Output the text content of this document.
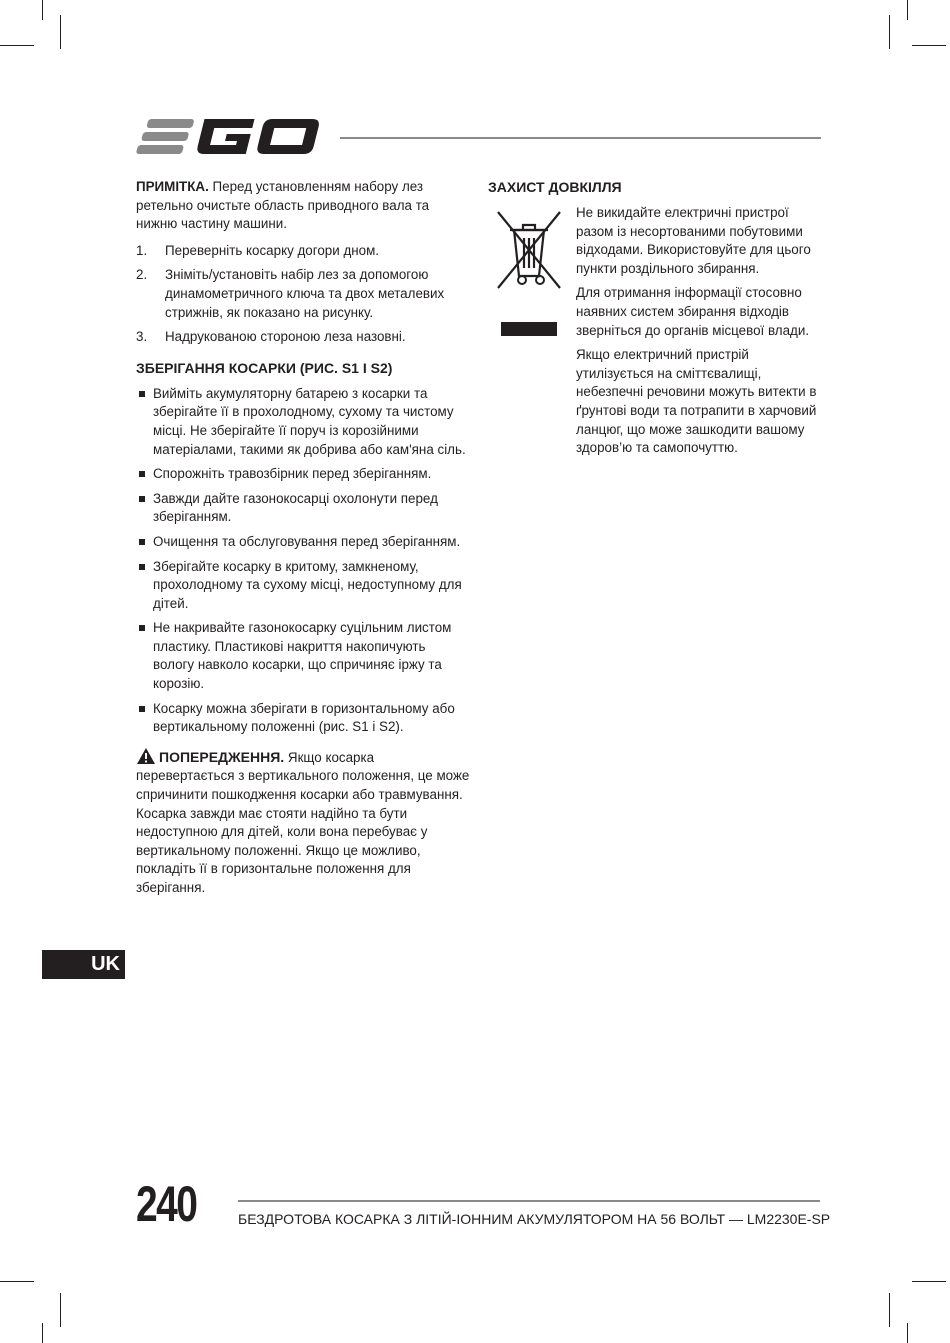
ПРИМІТКА. Перед установленням набору лез ретельно очистьте область приводного вала та нижню частину машини.

1. Переверніть косарку догори дном.
2. Зніміть/установіть набір лез за допомогою динамометричного ключа та двох металевих стрижнів, як показано на рисунку.
3. Надрукованою стороною леза назовні.
ЗБЕРІГАННЯ КОСАРКИ (РИС. S1 І S2)
Вийміть акумуляторну батарею з косарки та зберігайте її в прохолодному, сухому та чистому місці. Не зберігайте її поруч із корозійними матеріалами, такими як добрива або кам'яна сіль.
Спорожніть травозбірник перед зберіганням.
Завжди дайте газонокосарці охолонути перед зберіганням.
Очищення та обслуговування перед зберіганням.
Зберігайте косарку в критому, замкненому, прохолодному та сухому місці, недоступному для дітей.
Не накривайте газонокосарку суцільним листом пластику. Пластикові накриття накопичують вологу навколо косарки, що спричиняє іржу та корозію.
Косарку можна зберігати в горизонтальному або вертикальному положенні (рис. S1 і S2).

ПОПЕРЕДЖЕННЯ. Якщо косарка перевертається з вертикального положення, це може спричинити пошкодження косарки або травмування. Косарка завжди має стояти надійно та бути недоступною для дітей, коли вона перебуває у вертикальному положенні. Якщо це можливо, покладіть її в горизонтальне положення для зберігання.

ЗАХИСТ ДОВКІЛЛЯ

Не викидайте електричні пристрої разом із несортованими побутовими відходами. Використовуйте для цього пункти роздільного збирання.

Для отримання інформації стосовно наявних систем збирання відходів зверніться до органів місцевої влади.

Якщо електричний пристрій утилізується на сміттєвалищі, небезпечні речовини можуть витекти в ґрунтові води та потрапити в харчовий ланцюг, що може зашкодити вашому здоров’ю та самопочуттю.

UK
240	БЕЗДРОТОВА КОСАРКА З ЛІТІЙ-ІОННИМ АКУМУЛЯТОРОМ НА 56 ВОЛЬТ — LM2230E-SP
